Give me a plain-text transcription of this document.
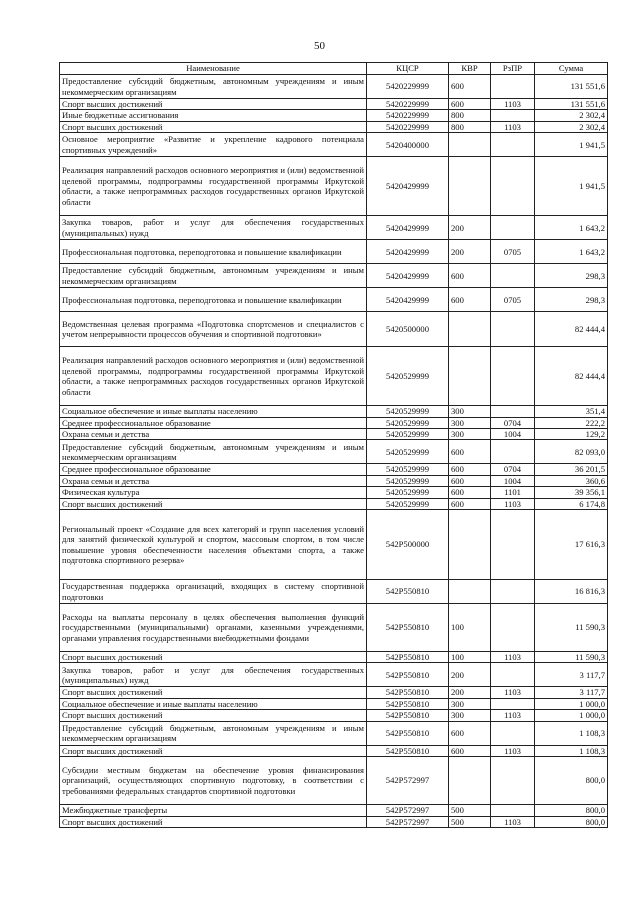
50
Наименование	КЦСР	КВР	РзПР	Сумма
Предоставление субсидий бюджетным, автономным учреждениям и иным некоммерческим организациям	5420229999	600		131 551,6
Спорт высших достижений	5420229999	600	1103	131 551,6
Иные бюджетные ассигнования	5420229999	800		2 302,4
Спорт высших достижений	5420229999	800	1103	2 302,4
Основное мероприятие «Развитие и укрепление кадрового потенциала спортивных учреждений»	5420400000			1 941,5
Реализация направлений расходов основного мероприятия и (или) ведомственной целевой программы, подпрограммы государственной программы Иркутской области, а также непрограммных расходов государственных органов Иркутской области	5420429999			1 941,5
Закупка товаров, работ и услуг для обеспечения государственных (муниципальных) нужд	5420429999	200		1 643,2
Профессиональная подготовка, переподготовка и повышение квалификации	5420429999	200	0705	1 643,2
Предоставление субсидий бюджетным, автономным учреждениям и иным некоммерческим организациям	5420429999	600		298,3
Профессиональная подготовка, переподготовка и повышение квалификации	5420429999	600	0705	298,3
Ведомственная целевая программа «Подготовка спортсменов и специалистов с учетом непрерывности процессов обучения и спортивной подготовки»	5420500000			82 444,4
Реализация направлений расходов основного мероприятия и (или) ведомственной целевой программы, подпрограммы государственной программы Иркутской области, а также непрограммных расходов государственных органов Иркутской области	5420529999			82 444,4
Социальное обеспечение и иные выплаты населению	5420529999	300		351,4
Среднее профессиональное образование	5420529999	300	0704	222,2
Охрана семьи и детства	5420529999	300	1004	129,2
Предоставление субсидий бюджетным, автономным учреждениям и иным некоммерческим организациям	5420529999	600		82 093,0
Среднее профессиональное образование	5420529999	600	0704	36 201,5
Охрана семьи и детства	5420529999	600	1004	360,6
Физическая культура	5420529999	600	1101	39 356,1
Спорт высших достижений	5420529999	600	1103	6 174,8
Региональный проект «Создание для всех категорий и групп населения условий для занятий физической культурой и спортом, массовым спортом, в том числе повышение уровня обеспеченности населения объектами спорта, а также подготовка спортивного резерва»	542P500000			17 616,3
Государственная поддержка организаций, входящих в систему спортивной подготовки	542P550810			16 816,3
Расходы на выплаты персоналу в целях обеспечения выполнения функций государственными (муниципальными) органами, казенными учреждениями, органами управления государственными внебюджетными фондами	542P550810	100		11 590,3
Спорт высших достижений	542P550810	100	1103	11 590,3
Закупка товаров, работ и услуг для обеспечения государственных (муниципальных) нужд	542P550810	200		3 117,7
Спорт высших достижений	542P550810	200	1103	3 117,7
Социальное обеспечение и иные выплаты населению	542P550810	300		1 000,0
Спорт высших достижений	542P550810	300	1103	1 000,0
Предоставление субсидий бюджетным, автономным учреждениям и иным некоммерческим организациям	542P550810	600		1 108,3
Спорт высших достижений	542P550810	600	1103	1 108,3
Субсидии местным бюджетам на обеспечение уровня финансирования организаций, осуществляющих спортивную подготовку, в соответствии с требованиями федеральных стандартов спортивной подготовки	542P572997			800,0
Межбюджетные трансферты	542P572997	500		800,0
Спорт высших достижений	542P572997	500	1103	800,0
